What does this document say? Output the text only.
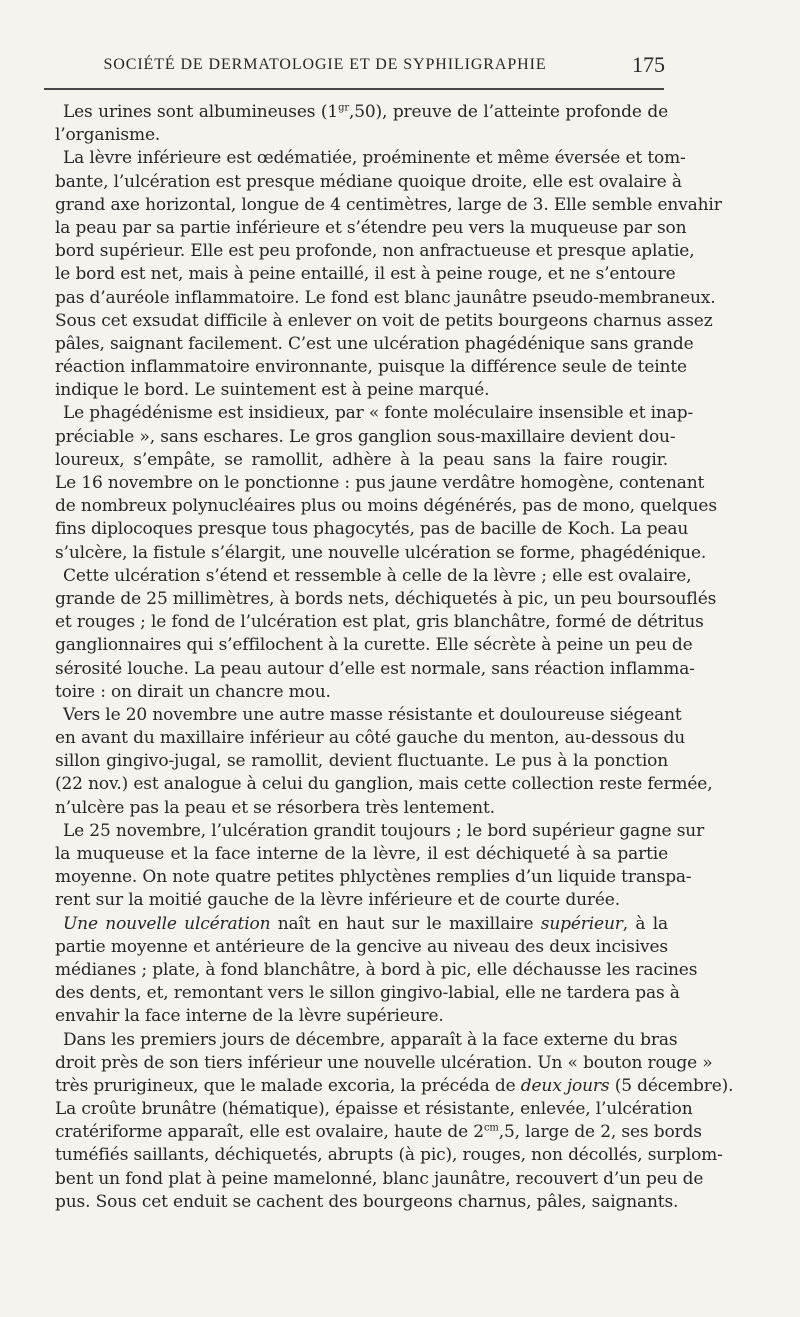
SOCIÉTÉ DE DERMATOLOGIE ET DE SYPHILIGRAPHIE	175
Les urines sont albumineuses $(1^{gr},50)$, preuve de l’atteinte profonde de
l’organisme.
La lèvre inférieure est œdématiée, proéminente et même éversée et tom-
bante, l’ulcération est presque médiane quoique droite, elle est ovalaire à
grand axe horizontal, longue de 4 centimètres, large de 3. Elle semble envahir
la peau par sa partie inférieure et s’étendre peu vers la muqueuse par son
bord supérieur. Elle est peu profonde, non anfractueuse et presque aplatie,
le bord est net, mais à peine entaillé, il est à peine rouge, et ne s’entoure
pas d’auréole inflammatoire. Le fond est blanc jaunâtre pseudo-membraneux.
Sous cet exsudat difficile à enlever on voit de petits bourgeons charnus assez
pâles, saignant facilement. C’est une ulcération phagédénique sans grande
réaction inflammatoire environnante, puisque la différence seule de teinte
indique le bord. Le suintement est à peine marqué.
Le phagédénisme est insidieux, par « fonte moléculaire insensible et inap-
préciable », sans eschares. Le gros ganglion sous-maxillaire devient dou-
loureux, s’empâte, se ramollit, adhère à la peau sans la faire rougir.
Le 16 novembre on le ponctionne : pus jaune verdâtre homogène, contenant
de nombreux polynucléaires plus ou moins dégénérés, pas de mono, quelques
fins diplocoques presque tous phagocytés, pas de bacille de Koch. La peau
s’ulcère, la fistule s’élargit, une nouvelle ulcération se forme, phagédénique.
Cette ulcération s’étend et ressemble à celle de la lèvre ; elle est ovalaire,
grande de 25 millimètres, à bords nets, déchiquetés à pic, un peu boursouflés
et rouges ; le fond de l’ulcération est plat, gris blanchâtre, formé de détritus
ganglionnaires qui s’effilochent à la curette. Elle sécrète à peine un peu de
sérosité louche. La peau autour d’elle est normale, sans réaction inflamma-
toire : on dirait un chancre mou.
Vers le 20 novembre une autre masse résistante et douloureuse siégeant
en avant du maxillaire inférieur au côté gauche du menton, au-dessous du
sillon gingivo-jugal, se ramollit, devient fluctuante. Le pus à la ponction
(22 nov.) est analogue à celui du ganglion, mais cette collection reste fermée,
n’ulcère pas la peau et se résorbera très lentement.
Le 25 novembre, l’ulcération grandit toujours ; le bord supérieur gagne sur
la muqueuse et la face interne de la lèvre, il est déchiqueté à sa partie
moyenne. On note quatre petites phlyctènes remplies d’un liquide transpa-
rent sur la moitié gauche de la lèvre inférieure et de courte durée.
Une nouvelle ulcération naît en haut sur le maxillaire supérieur, à la
partie moyenne et antérieure de la gencive au niveau des deux incisives
médianes ; plate, à fond blanchâtre, à bord à pic, elle déchausse les racines
des dents, et, remontant vers le sillon gingivo-labial, elle ne tardera pas à
envahir la face interne de la lèvre supérieure.
Dans les premiers jours de décembre, apparaît à la face externe du bras
droit près de son tiers inférieur une nouvelle ulcération. Un « bouton rouge »
très prurigineux, que le malade excoria, la précéda de deux jours (5 décembre).
La croûte brunâtre (hématique), épaisse et résistante, enlevée, l’ulcération
cratériforme apparaît, elle est ovalaire, haute de $2^{cm},5$, large de 2, ses bords
tuméfiés saillants, déchiquetés, abrupts (à pic), rouges, non décollés, surplom-
bent un fond plat à peine mamelonné, blanc jaunâtre, recouvert d’un peu de
pus. Sous cet enduit se cachent des bourgeons charnus, pâles, saignants.
